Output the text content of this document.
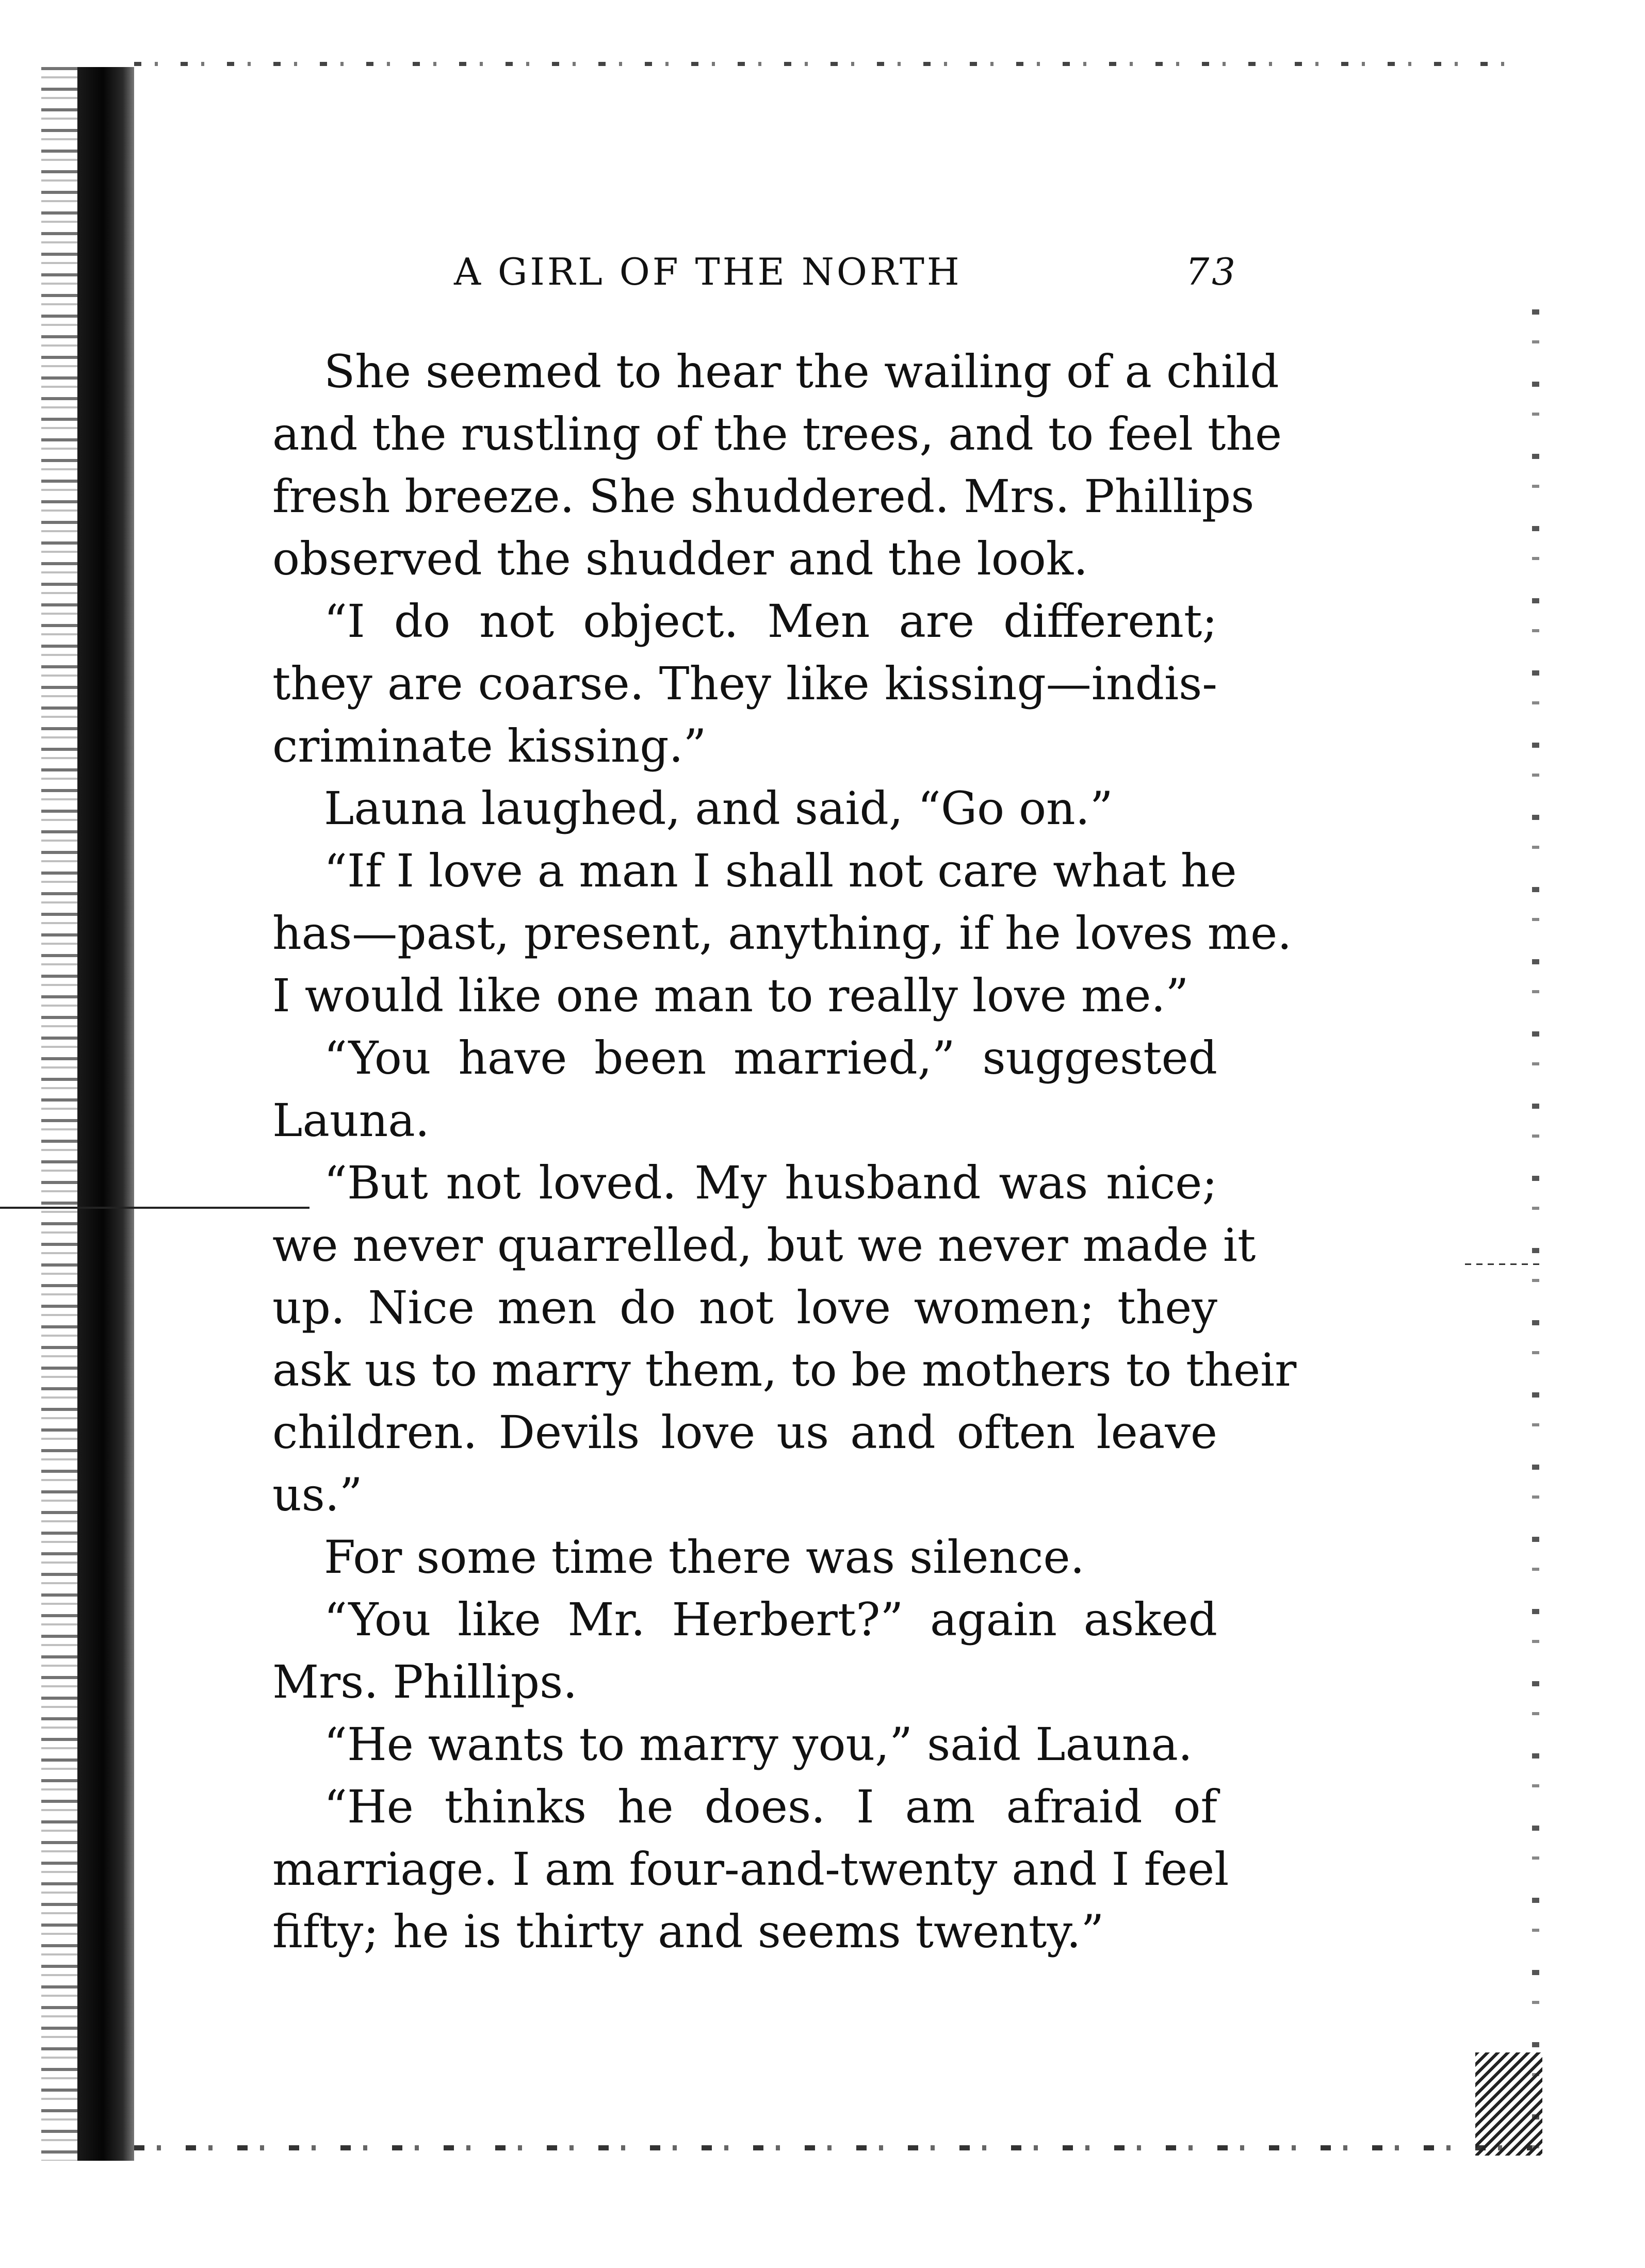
A GIRL OF THE NORTH	73
She seemed to hear the wailing of a child
and the rustling of the trees, and to feel the
fresh breeze. She shuddered. Mrs. Phillips
observed the shudder and the look.
“I do not object. Men are different;
they are coarse. They like kissing—indis-
criminate kissing.”
Launa laughed, and said, “Go on.”
“If I love a man I shall not care what he
has—past, present, anything, if he loves me.
I would like one man to really love me.”
“You have been married,” suggested
Launa.
“But not loved. My husband was nice;
we never quarrelled, but we never made it
up. Nice men do not love women; they
ask us to marry them, to be mothers to their
children. Devils love us and often leave
us.”
For some time there was silence.
“You like Mr. Herbert?” again asked
Mrs. Phillips.
“He wants to marry you,” said Launa.
“He thinks he does. I am afraid of
marriage. I am four-and-twenty and I feel
fifty; he is thirty and seems twenty.”
